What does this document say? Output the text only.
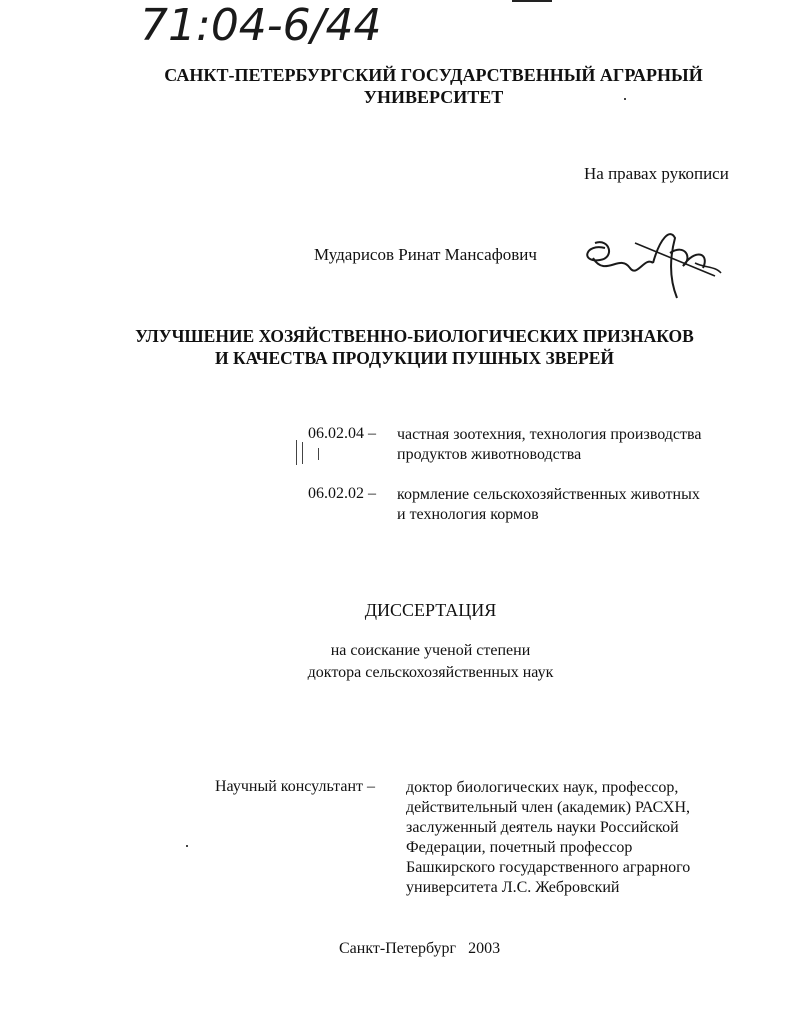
71:04-6/44
САНКТ-ПЕТЕРБУРГСКИЙ ГОСУДАРСТВЕННЫЙ АГРАРНЫЙ
УНИВЕРСИТЕТ
На правах рукописи
Мударисов Ринат Мансафович
УЛУЧШЕНИЕ ХОЗЯЙСТВЕННО-БИОЛОГИЧЕСКИХ ПРИЗНАКОВ
И КАЧЕСТВА ПРОДУКЦИИ ПУШНЫХ ЗВЕРЕЙ
06.02.04 – частная зоотехния, технология производства
продуктов животноводства
06.02.02 – кормление сельскохозяйственных животных
и технология кормов
ДИССЕРТАЦИЯ
на соискание ученой степени
доктора сельскохозяйственных наук
Научный консультант – доктор биологических наук, профессор,
действительный член (академик) РАСХН,
заслуженный деятель науки Российской
Федерации, почетный профессор
Башкирского государственного аграрного
университета Л.С. Жебровский
Санкт-Петербург   2003
